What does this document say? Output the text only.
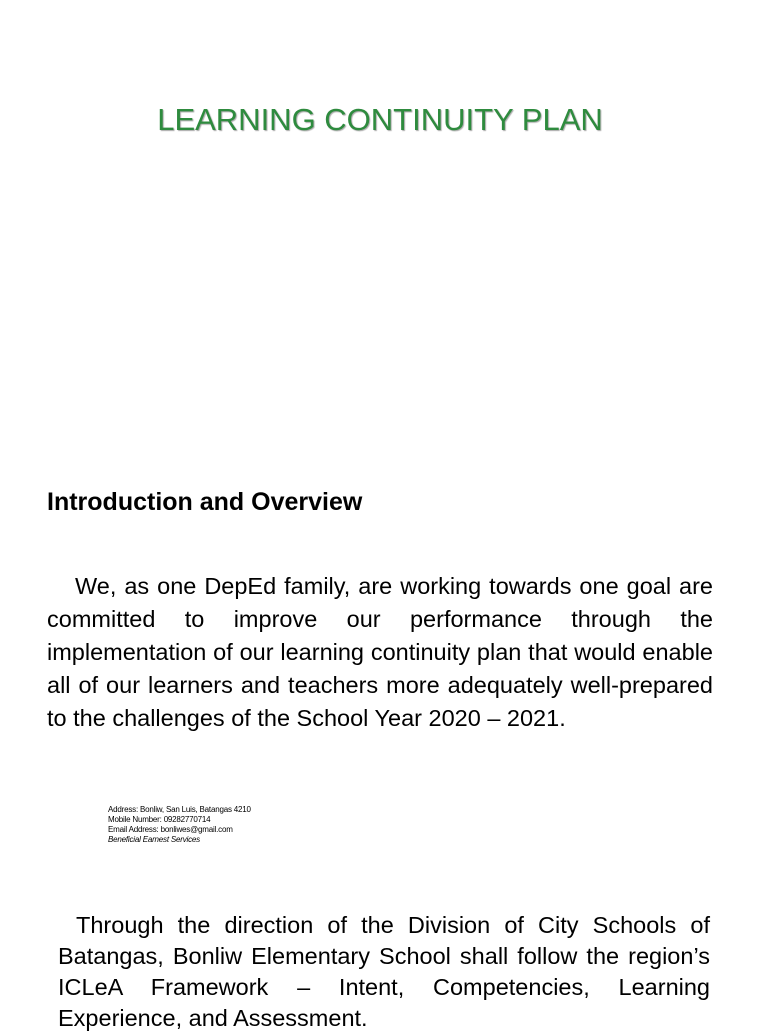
LEARNING CONTINUITY PLAN
Introduction and Overview

We, as one DepEd family, are working towards one goal are committed to improve our performance through the implementation of our learning continuity plan that would enable all of our learners and teachers more adequately well-prepared to the challenges of the School Year 2020 – 2021.

Address: Bonliw, San Luis, Batangas 4210
Mobile Number: 09282770714
Email Address: bonliwes@gmail.com
Beneficial Earnest Services

Through the direction of the Division of City Schools of Batangas, Bonliw Elementary School shall follow the region’s ICLeA Framework – Intent, Competencies, Learning Experience, and Assessment.
